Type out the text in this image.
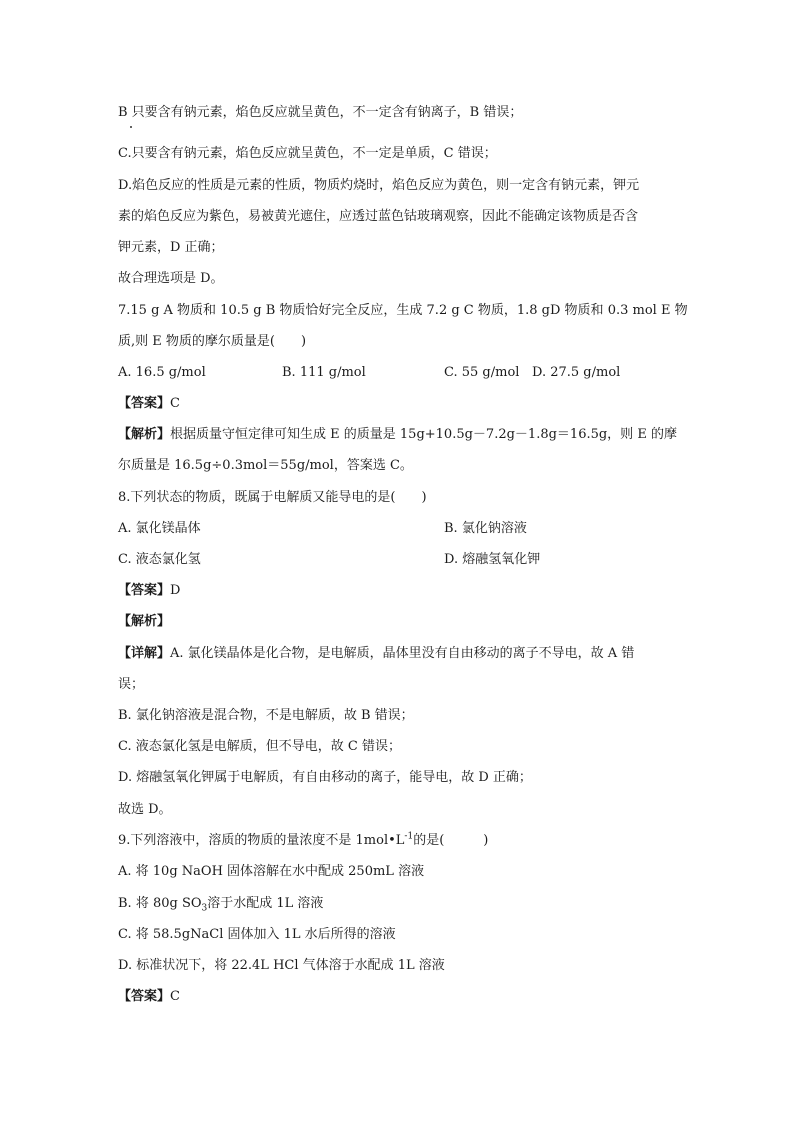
B 只要含有钠元素，焰色反应就呈黄色，不一定含有钠离子，B 错误；
C.只要含有钠元素，焰色反应就呈黄色，不一定是单质，C 错误；
D.焰色反应的性质是元素的性质，物质灼烧时，焰色反应为黄色，则一定含有钠元素，钾元
素的焰色反应为紫色，易被黄光遮住，应透过蓝色钴玻璃观察，因此不能确定该物质是否含
钾元素，D 正确；
故合理选项是 D。
7.15 g A 物质和 10.5 g B 物质恰好完全反应，生成 7.2 g C 物质，1.8 gD 物质和 0.3 mol E 物
质,则 E 物质的摩尔质量是(　　)
A. 16.5 g/mol	B. 111 g/mol	C. 55 g/mol D. 27.5 g/mol
【答案】C
【解析】根据质量守恒定律可知生成 E 的质量是 15g+10.5g－7.2g－1.8g＝16.5g，则 E 的摩
尔质量是 16.5g÷0.3mol＝55g/mol，答案选 C。
8.下列状态的物质，既属于电解质又能导电的是(　　)
A. 氯化镁晶体	B. 氯化钠溶液
C. 液态氯化氢	D. 熔融氢氧化钾
【答案】D
【解析】
【详解】A. 氯化镁晶体是化合物，是电解质，晶体里没有自由移动的离子不导电，故 A 错
误；
B. 氯化钠溶液是混合物，不是电解质，故 B 错误；
C. 液态氯化氢是电解质，但不导电，故 C 错误；
D. 熔融氢氧化钾属于电解质，有自由移动的离子，能导电，故 D 正确；
故选 D。
9.下列溶液中，溶质的物质的量浓度不是 $1mol•L^{-1}$的是(　　　)
A. 将 10g NaOH 固体溶解在水中配成 250mL 溶液
B. 将 80g $SO_3$溶于水配成 1L 溶液
C. 将 58.5gNaCl 固体加入 1L 水后所得的溶液
D. 标准状况下，将 22.4L HCl 气体溶于水配成 1L 溶液
【答案】C
